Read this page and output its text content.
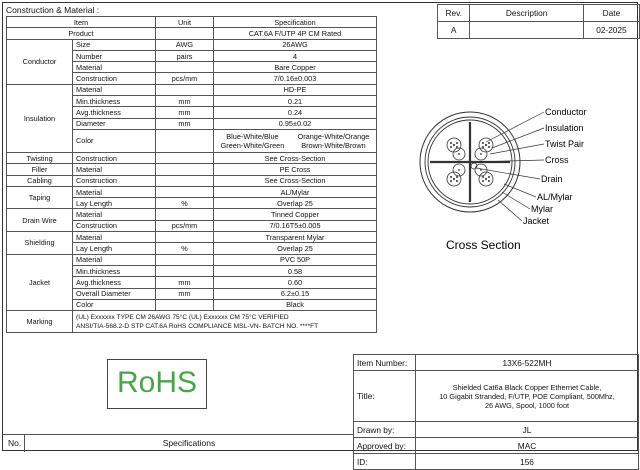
Construction & Material :
Item		Unit	Specification
Product			CAT.6A F/UTP 4P CM Rated
Conductor	Size	AWG	26AWG
	Number	pairs	4
	Material		Bare Copper
	Construction	pcs/mm	7/0.16±0.003
Insulation	Material		HD-PE
	Min.thickness	mm	0.21
	Avg.thickness	mm	0.24
	Diameter	mm	0.95±0.02
	Color		Blue-White/Blue
Green-White/Green
Orange-White/Orange
Brown-White/Brown

Twisting	Construction		See Cross-Section
Filler	Material		PE Cross
Cabling	Construction		See Cross-Section
Taping	Material		AL/Mylar
	Lay Length	%	Overlap 25
Drain Wire	Material		Tinned Copper
	Construction	pcs/mm	7/0.16T5±0.005
Shielding	Material		Transparent Mylar
	Lay Length	%	Overlap 25
Jacket	Material		PVC 50P
	Min.thickness		0.58
	Avg.thickness	mm	0.60
	Overall Diameter	mm	6.2±0.15
	Color		Black
Marking	(UL) Exxxxxx TYPE CM 26AWG 75°C (UL) Exxxxxx CM 75°C VERIFIED
ANSI/TIA-568.2-D STP CAT.6A RoHS COMPLIANCE MSL-VN- BATCH NO. ****FT		
Rev.	Description	Date
A		02-2025
Conductor
Insulation
Twist Pair
Cross
Drain
AL/Mylar
Mylar
Jacket
Cross Section
RoHS
Item Number:	13X6-522MH
Title:	Shielded Cat6a Black Copper Ethernet Cable,
10 Gigabit Stranded, F/UTP, POE Compliant, 500Mhz,
26 AWG, Spool, 1000 foot

Drawn by:	JL
Approved by:	MAC
ID:	156
No.	Specifications
